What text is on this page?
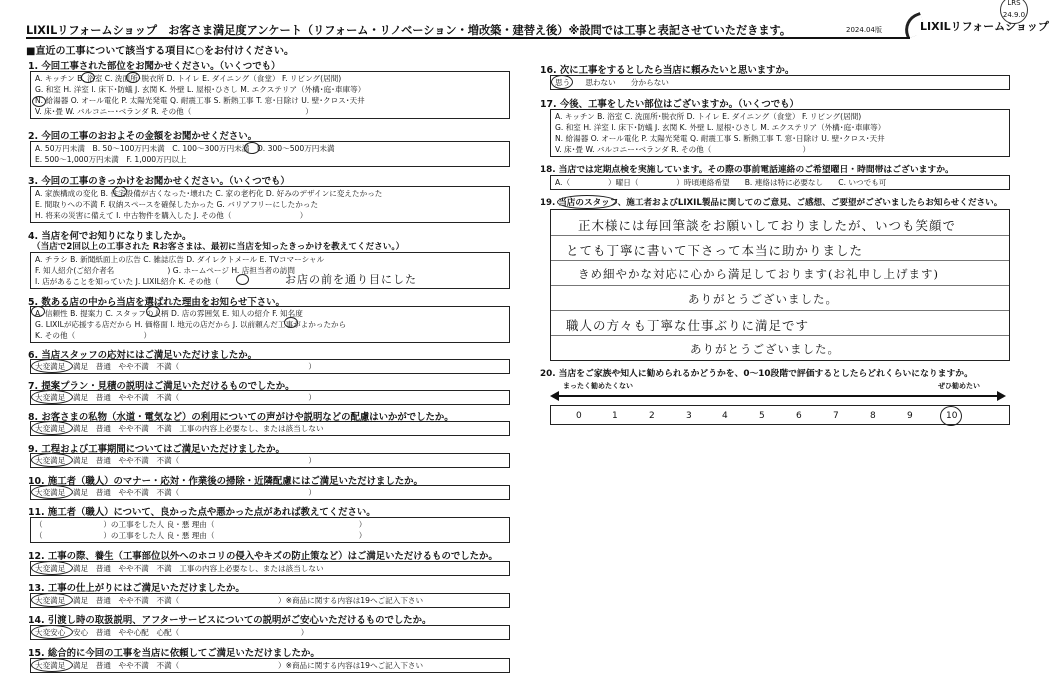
LIXILリフォームショップ　お客さま満足度アンケート（リフォーム・リノベーション・増改築・建替え後）※設問では工事と表記させていただきます。	2024.04版	LIXILリフォームショップ
LRS
24.9.0
■直近の工事について該当する項目に○をお付けください。
1. 今回工事された部位をお聞かせください。（いくつでも）
A. キッチン B. 浴室 C. 洗面所･脱衣所 D. トイレ E. ダイニング（食堂） F. リビング(居間)
G. 和室 H. 洋室 I. 床下･防蟻 J. 玄関 K. 外壁 L. 屋根･ひさし M. エクステリア（外構･庭･車庫等）
N. 給湯器 O. オール電化 P. 太陽光発電 Q. 耐震工事 S. 断熱工事 T. 窓･日除け U. 壁･クロス･天井
V. 床･畳 W. バルコニー･ベランダ R. その他（　　　　　　　　　　　　　　　）
2. 今回の工事のおおよその金額をお聞かせください。
A. 50万円未満　B. 50～100万円未満　C. 100～300万円未満　D. 300～500万円未満
E. 500～1,000万円未満　F. 1,000万円以上
3. 今回の工事のきっかけをお聞かせください。（いくつでも）
A. 家族構成の変化 B. 住宅設備が古くなった･壊れた C. 家の老朽化 D. 好みのデザインに変えたかった
E. 間取りへの不満 F. 収納スペースを確保したかった G. バリアフリーにしたかった
H. 将来の災害に備えて I. 中古物件を購入した J. その他（　　　　　　　　　）
4. 当店を何でお知りになりましたか。
（当店で2回以上の工事された Rお客さまは、最初に当店を知ったきっかけを教えてください。）
A. チラシ B. 新聞紙面上の広告 C. 雑誌広告 D. ダイレクトメール E. TVコマーシャル
F. 知人紹介(ご紹介者名　　　　　　　) G. ホームページ H. 店担当者の訪問
I. 店があることを知っていた J. LIXIL紹介 K. その他（	お店の前を通り目にした
5. 数ある店の中から当店を選ばれた理由をお知らせ下さい。
A. 信頼性 B. 提案力 C. スタッフの人柄 D. 店の雰囲気 E. 知人の紹介 F. 知名度
G. LIXILが応援する店だから H. 価格面 I. 地元の店だから J. 以前頼んだ工事がよかったから
K. その他（　　　　　　　　　）
6. 当店スタッフの応対にはご満足いただけましたか。
大変満足　満足　普通　やや不満　不満（　　　　　　　　　　　　　　　　　）
7. 提案プラン・見積の説明はご満足いただけるものでしたか。
大変満足　満足　普通　やや不満　不満（　　　　　　　　　　　　　　　　　）
8. お客さまの私物（水道・電気など）の利用についての声がけや説明などの配慮はいかがでしたか。
大変満足　満足　普通　やや不満　不満　工事の内容上必要なし、または該当しない
9. 工程および工事期間についてはご満足いただけましたか。
大変満足　満足　普通　やや不満　不満（　　　　　　　　　　　　　　　　　）
10. 施工者（職人）のマナー・応対・作業後の掃除・近隣配慮にはご満足いただけましたか。
大変満足　満足　普通　やや不満　不満（　　　　　　　　　　　　　　　　　）
11. 施工者（職人）について、良かった点や悪かった点があれば教えてください。
（　　　　　　　　）の工事をした人 良・悪 理由（　　　　　　　　　　　　　　　　　　　）
（　　　　　　　　）の工事をした人 良・悪 理由（　　　　　　　　　　　　　　　　　　　）
12. 工事の際、養生（工事部位以外へのホコリの侵入やキズの防止策など）はご満足いただけるものでしたか。
大変満足　満足　普通　やや不満　不満　工事の内容上必要なし、または該当しない
13. 工事の仕上がりにはご満足いただけましたか。
大変満足　満足　普通　やや不満　不満（　　　　　　　　　　　　　）※商品に関する内容は19へご記入下さい
14. 引渡し時の取扱説明、アフターサービスについての説明がご安心いただけるものでしたか。
大変安心　安心　普通　やや心配　心配（　　　　　　　　　　　　　　　　）
15. 総合的に今回の工事を当店に依頼してご満足いただけましたか。
大変満足　満足　普通　やや不満　不満（　　　　　　　　　　　　　）※商品に関する内容は19へご記入下さい
16. 次に工事をするとしたら当店に頼みたいと思いますか。
思う　　思わない　　分からない
17. 今後、工事をしたい部位はございますか。（いくつでも）
A. キッチン B. 浴室 C. 洗面所･脱衣所 D. トイレ E. ダイニング（食堂） F. リビング(居間)
G. 和室 H. 洋室 I. 床下･防蟻 J. 玄関 K. 外壁 L. 屋根･ひさし M. エクステリア（外構･庭･車庫等）
N. 給湯器 O. オール電化 P. 太陽光発電 Q. 耐震工事 S. 断熱工事 T. 窓･日除け U. 壁･クロス･天井
V. 床･畳 W. バルコニー･ベランダ R. その他（　　　　　　　　　　　　）
18. 当店では定期点検を実施しています。その際の事前電話連絡のご希望曜日・時間帯はございますか。
A.（　　　　　）曜日（　　　　　）時頃連絡希望　　B. 連絡は特に必要なし　　C. いつでも可
19. 当店のスタッフ、施工者およびLIXIL製品に関してのご意見、ご感想、ご要望がございましたらお知らせください。
正木様には毎回筆談をお願いしておりましたが、いつも笑顔で
とても丁寧に書いて下さって本当に助かりました
きめ細やかな対応に心から満足しております(お礼申し上げます)
ありがとうございました。
職人の方々も丁寧な仕事ぶりに満足です
ありがとうございました。
20. 当店をご家族や知人に勧められるかどうかを、0～10段階で評価するとしたらどれくらいになりますか。
まったく勧めたくない	ぜひ勧めたい
0	1	2	3	4	5	6	7	8	9	10
